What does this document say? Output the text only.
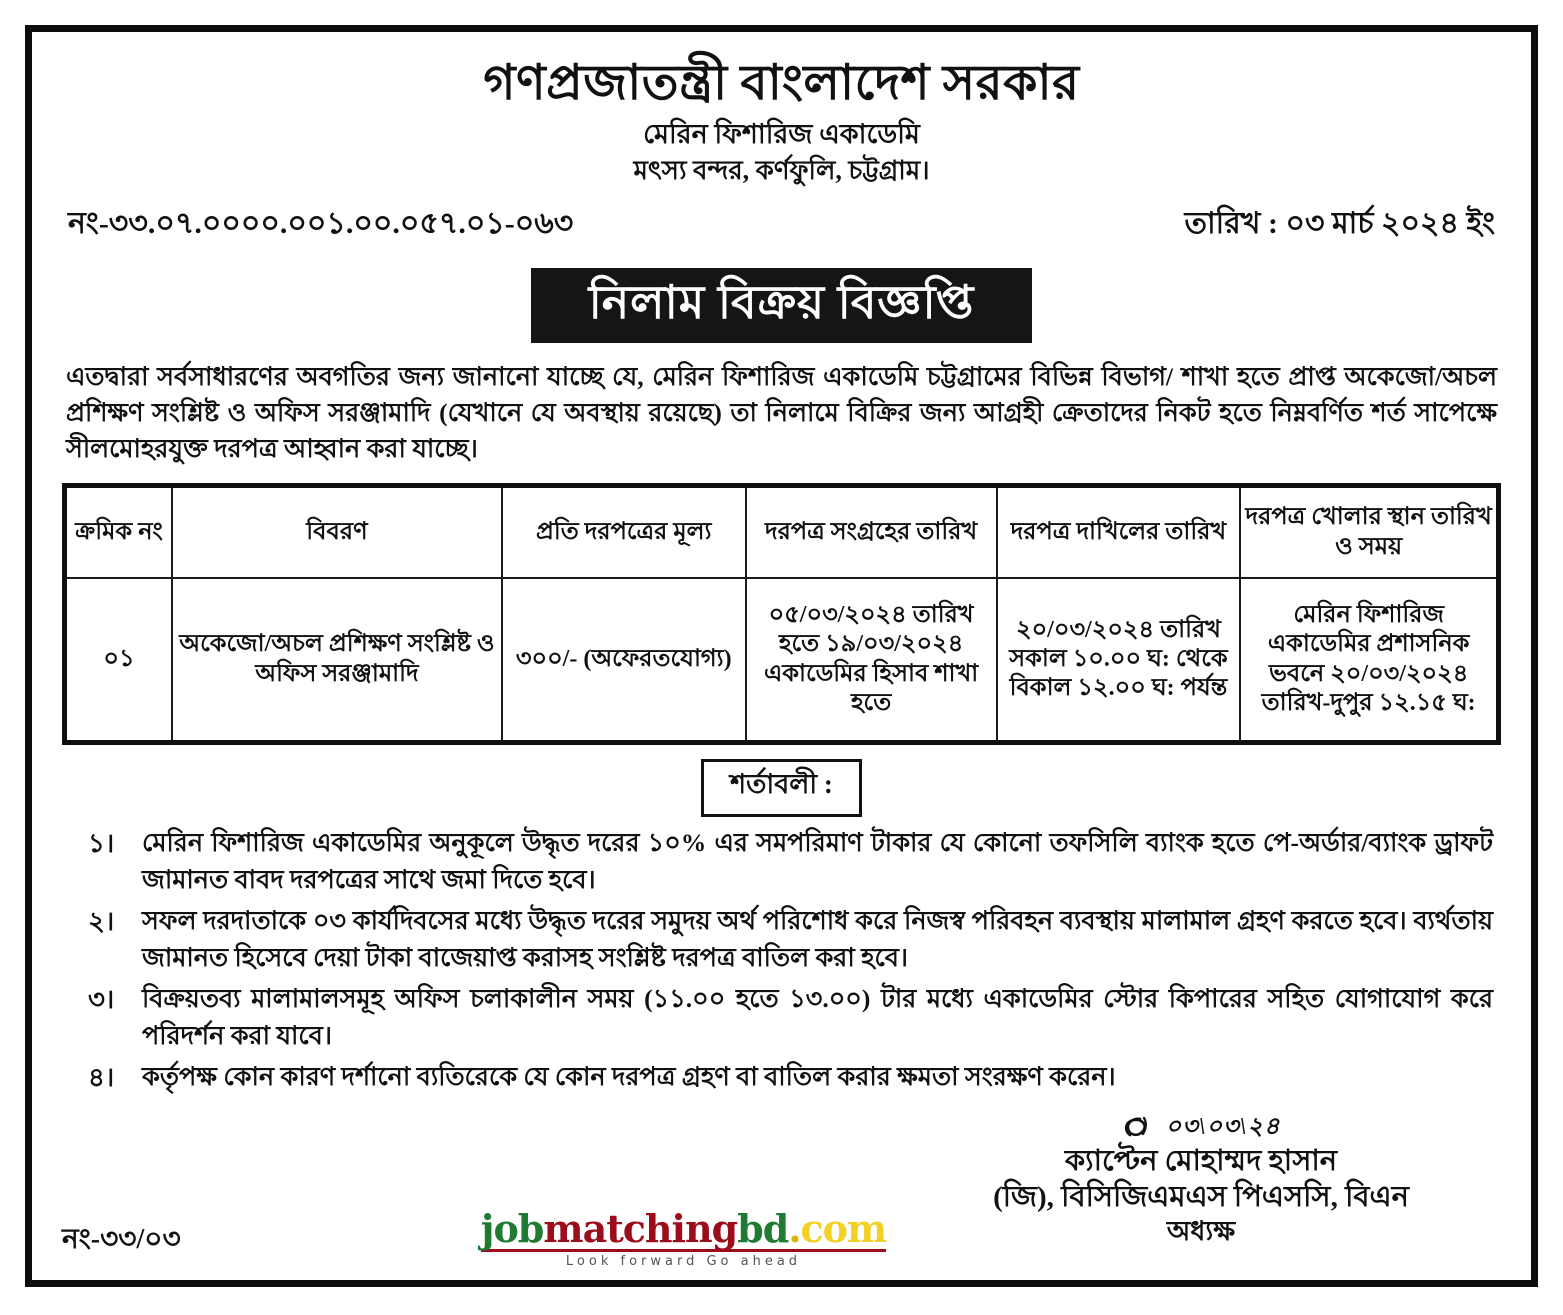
গণপ্রজাতন্ত্রী বাংলাদেশ সরকার
মেরিন ফিশারিজ একাডেমি
মৎস্য বন্দর, কর্ণফুলি, চট্টগ্রাম।
নং-৩৩.০৭.০০০০.০০১.০০.০৫৭.০১-০৬৩	তারিখ : ০৩ মার্চ ২০২৪ ইং
নিলাম বিক্রয় বিজ্ঞপ্তি
এতদ্বারা সর্বসাধারণের অবগতির জন্য জানানো যাচ্ছে যে, মেরিন ফিশারিজ একাডেমি চট্টগ্রামের বিভিন্ন বিভাগ/ শাখা হতে প্রাপ্ত অকেজো/অচল প্রশিক্ষণ সংশ্লিষ্ট ও অফিস সরঞ্জামাদি (যেখানে যে অবস্থায় রয়েছে) তা নিলামে বিক্রির জন্য আগ্রহী ক্রেতাদের নিকট হতে নিম্নবর্ণিত শর্ত সাপেক্ষে সীলমোহরযুক্ত দরপত্র আহ্বান করা যাচ্ছে।
ক্রমিক নং	বিবরণ	প্রতি দরপত্রের মূল্য	দরপত্র সংগ্রহের তারিখ	দরপত্র দাখিলের তারিখ	দরপত্র খোলার স্থান তারিখ ও সময়
০১	অকেজো/অচল প্রশিক্ষণ সংশ্লিষ্ট ও অফিস সরঞ্জামাদি	৩০০/- (অফেরতযোগ্য)	০৫/০৩/২০২৪ তারিখ হতে ১৯/০৩/২০২৪ একাডেমির হিসাব শাখা হতে	২০/০৩/২০২৪ তারিখ সকাল ১০.০০ ঘ: থেকে বিকাল ১২.০০ ঘ: পর্যন্ত	মেরিন ফিশারিজ একাডেমির প্রশাসনিক ভবনে ২০/০৩/২০২৪ তারিখ-দুপুর ১২.১৫ ঘ:
শর্তাবলী :
১।	মেরিন ফিশারিজ একাডেমির অনুকূলে উদ্ধৃত দরের ১০% এর সমপরিমাণ টাকার যে কোনো তফসিলি ব্যাংক হতে পে-অর্ডার/ব্যাংক ড্রাফট জামানত বাবদ দরপত্রের সাথে জমা দিতে হবে।
২।	সফল দরদাতাকে ০৩ কার্যদিবসের মধ্যে উদ্ধৃত দরের সমুদয় অর্থ পরিশোধ করে নিজস্ব পরিবহন ব্যবস্থায় মালামাল গ্রহণ করতে হবে। ব্যর্থতায় জামানত হিসেবে দেয়া টাকা বাজেয়াপ্ত করাসহ সংশ্লিষ্ট দরপত্র বাতিল করা হবে।
৩।	বিক্রয়তব্য মালামালসমূহ অফিস চলাকালীন সময় (১১.০০ হতে ১৩.০০) টার মধ্যে একাডেমির স্টোর কিপারের সহিত যোগাযোগ করে পরিদর্শন করা যাবে।
৪।	কর্তৃপক্ষ কোন কারণ দর্শানো ব্যতিরেকে যে কোন দরপত্র গ্রহণ বা বাতিল করার ক্ষমতা সংরক্ষণ করেন।
০৩\০৩\২৪
ক্যাপ্টেন মোহাম্মদ হাসান
(জি), বিসিজিএমএস পিএসসি, বিএন
অধ্যক্ষ
নং-৩৩/০৩	jobmatchingbd.com
Look forward Go ahead
